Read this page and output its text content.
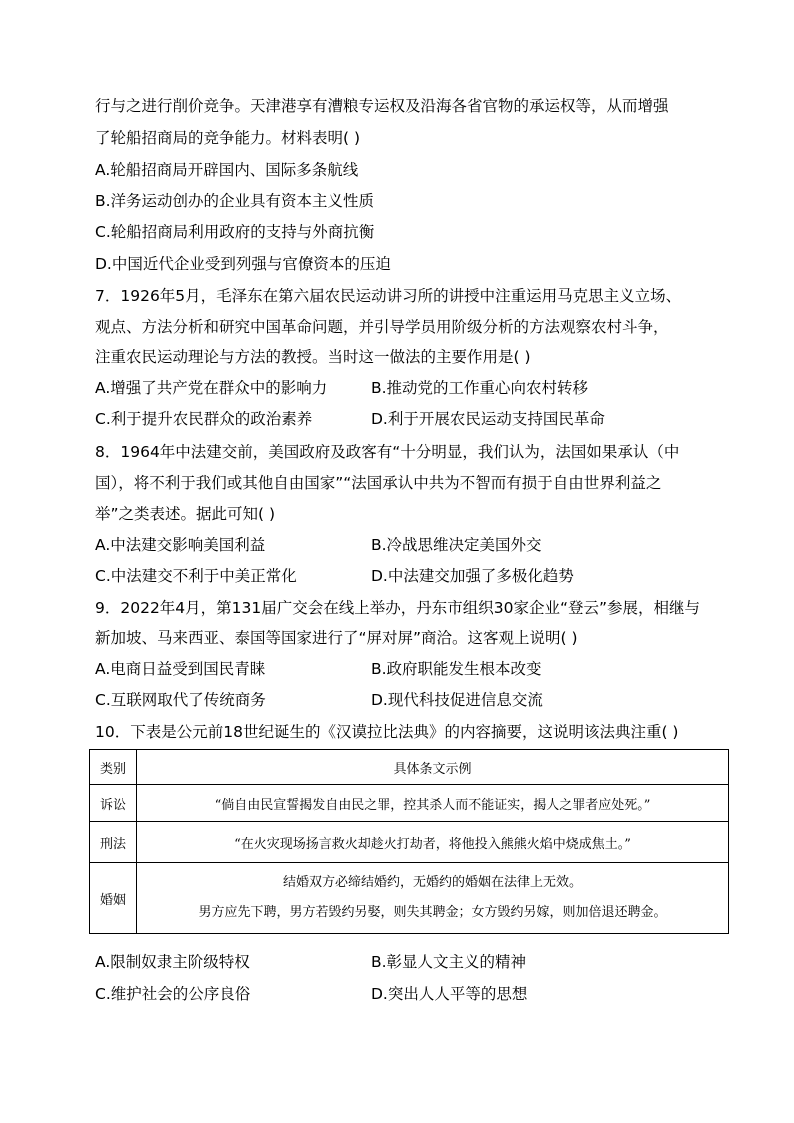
行与之进行削价竞争。天津港享有漕粮专运权及沿海各省官物的承运权等，从而增强
了轮船招商局的竞争能力。材料表明( )
A.轮船招商局开辟国内、国际多条航线
B.洋务运动创办的企业具有资本主义性质
C.轮船招商局利用政府的支持与外商抗衡
D.中国近代企业受到列强与官僚资本的压迫
7．1926年5月，毛泽东在第六届农民运动讲习所的讲授中注重运用马克思主义立场、
观点、方法分析和研究中国革命问题，并引导学员用阶级分析的方法观察农村斗争，
注重农民运动理论与方法的教授。当时这一做法的主要作用是( )
A.增强了共产党在群众中的影响力	B.推动党的工作重心向农村转移
C.利于提升农民群众的政治素养	D.利于开展农民运动支持国民革命
8．1964年中法建交前，美国政府及政客有“十分明显，我们认为，法国如果承认（中
国），将不利于我们或其他自由国家”“法国承认中共为不智而有损于自由世界利益之
举”之类表述。据此可知( )
A.中法建交影响美国利益	B.冷战思维决定美国外交
C.中法建交不利于中美正常化	D.中法建交加强了多极化趋势
9．2022年4月，第131届广交会在线上举办，丹东市组织30家企业“登云”参展，相继与
新加坡、马来西亚、泰国等国家进行了“屏对屏”商洽。这客观上说明( )
A.电商日益受到国民青睐	B.政府职能发生根本改变
C.互联网取代了传统商务	D.现代科技促进信息交流
10．下表是公元前18世纪诞生的《汉谟拉比法典》的内容摘要，这说明该法典注重( )
类别	具体条文示例
诉讼	“倘自由民宣誓揭发自由民之罪，控其杀人而不能证实，揭人之罪者应处死。”
刑法	“在火灾现场扬言救火却趁火打劫者，将他投入熊熊火焰中烧成焦土。”
婚姻	结婚双方必缔结婚约，无婚约的婚姻在法律上无效。
男方应先下聘，男方若毁约另娶，则失其聘金；女方毁约另嫁，则加倍退还聘金。
A.限制奴隶主阶级特权	B.彰显人文主义的精神
C.维护社会的公序良俗	D.突出人人平等的思想
